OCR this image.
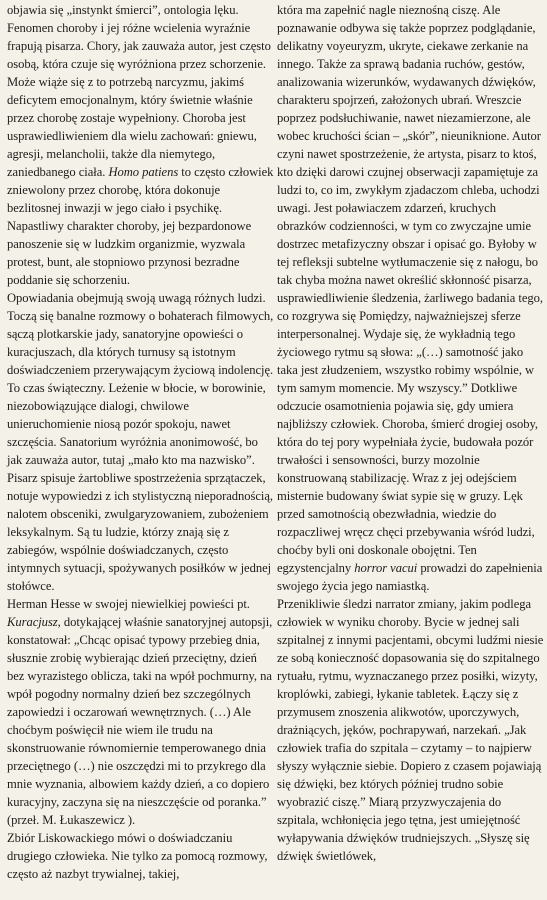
objawia się „instynkt śmierci”, ontologia lęku. Fenomen choroby i jej różne wcielenia wyraźnie frapują pisarza. Chory, jak zauważa autor, jest często osobą, która czuje się wyróżniona przez schorzenie. Może wiąże się z to potrzebą narcyzmu, jakimś deficytem emocjonalnym, który świetnie właśnie przez chorobę zostaje wypełniony. Choroba jest usprawiedliwieniem dla wielu zachowań: gniewu, agresji, melancholii, także dla niemytego, zaniedbanego ciała. Homo patiens to często człowiek zniewolony przez chorobę, która dokonuje bezlitosnej inwazji w jego ciało i psychikę. Napastliwy charakter choroby, jej bezpardonowe panoszenie się w ludzkim organizmie, wyzwala protest, bunt, ale stopniowo przynosi bezradne poddanie się schorzeniu.

Opowiadania obejmują swoją uwagą różnych ludzi. Toczą się banalne rozmowy o bohaterach filmowych, sączą plotkarskie jady, sanatoryjne opowieści o kuracjuszach, dla których turnusy są istotnym doświadczeniem przerywającym życiową indolencję. To czas świąteczny. Leżenie w błocie, w borowinie, niezobowiązujące dialogi, chwilowe unieruchomienie niosą pozór spokoju, nawet szczęścia. Sanatorium wyróżnia anonimowość, bo jak zauważa autor, tutaj „mało kto ma nazwisko”. Pisarz spisuje żartobliwe spostrzeżenia sprzątaczek, notuje wypowiedzi z ich stylistyczną nieporadnością, nalotem obsceniki, zwulgaryzowaniem, zubożeniem leksykalnym. Są tu ludzie, którzy znają się z zabiegów, wspólnie doświadczanych, często intymnych sytuacji, spożywanych posiłków w jednej stołówce.

Herman Hesse w swojej niewielkiej powieści pt. Kuracjusz, dotykającej właśnie sanatoryjnej autopsji, konstatował: „Chcąc opisać typowy przebieg dnia, słusznie zrobię wybierając dzień przeciętny, dzień bez wyrazistego oblicza, taki na wpół pochmurny, na wpół pogodny normalny dzień bez szczególnych zapowiedzi i oczarowań wewnętrznych. (…) Ale choćbym poświęcił nie wiem ile trudu na skonstruowanie równomiernie temperowanego dnia przeciętnego (…) nie oszczędzi mi to przykrego dla mnie wyznania, albowiem każdy dzień, a co dopiero kuracyjny, zaczyna się na nieszczęście od poranka.” (przeł. M. Łukaszewicz ).

Zbiór Liskowackiego mówi o doświadczaniu drugiego człowieka. Nie tylko za pomocą rozmowy, często aż nazbyt trywialnej, takiej,

która ma zapełnić nagle nieznośną ciszę. Ale poznawanie odbywa się także poprzez podglądanie, delikatny voyeuryzm, ukryte, ciekawe zerkanie na innego. Także za sprawą badania ruchów, gestów, analizowania wizerunków, wydawanych dźwięków, charakteru spojrzeń, założonych ubrań. Wreszcie poprzez podsłuchiwanie, nawet niezamierzone, ale wobec kruchości ścian – „skór”, nieuniknione. Autor czyni nawet spostrzeżenie, że artysta, pisarz to ktoś, kto dzięki darowi czujnej obserwacji zapamiętuje za ludzi to, co im, zwykłym zjadaczom chleba, uchodzi uwagi. Jest poławiaczem zdarzeń, kruchych obrazków codzienności, w tym co zwyczajne umie dostrzec metafizyczny obszar i opisać go. Byłoby w tej refleksji subtelne wytłumaczenie się z nałogu, bo tak chyba można nawet określić skłonność pisarza, usprawiedliwienie śledzenia, żarliwego badania tego, co rozgrywa się Pomiędzy, najważniejszej sferze interpersonalnej. Wydaje się, że wykładnią tego życiowego rytmu są słowa: „(…) samotność jako taka jest złudzeniem, wszystko robimy wspólnie, w tym samym momencie. My wszyscy.” Dotkliwe odczucie osamotnienia pojawia się, gdy umiera najbliższy człowiek. Choroba, śmierć drogiej osoby, która do tej pory wypełniała życie, budowała pozór trwałości i sensowności, burzy mozolnie konstruowaną stabilizację. Wraz z jej odejściem misternie budowany świat sypie się w gruzy. Lęk przed samotnością obezwładnia, wiedzie do rozpaczliwej wręcz chęci przebywania wśród ludzi, choćby byli oni doskonale obojętni. Ten egzystencjalny horror vacui prowadzi do zapełnienia swojego życia jego namiastką.

Przenikliwie śledzi narrator zmiany, jakim podlega człowiek w wyniku choroby. Bycie w jednej sali szpitalnej z innymi pacjentami, obcymi ludźmi niesie ze sobą konieczność dopasowania się do szpitalnego rytuału, rytmu, wyznaczanego przez posiłki, wizyty, kroplówki, zabiegi, łykanie tabletek. Łączy się z przymusem znoszenia alikwotów, uporczywych, drażniących, jęków, pochrapywań, narzekań. „Jak człowiek trafia do szpitala – czytamy – to najpierw słyszy wyłącznie siebie. Dopiero z czasem pojawiają się dźwięki, bez których później trudno sobie wyobrazić ciszę.” Miarą przyzwyczajenia do szpitala, wchłonięcia jego tętna, jest umiejętność wyłapywania dźwięków trudniejszych. „Słyszę się dźwięk świetlówek,
